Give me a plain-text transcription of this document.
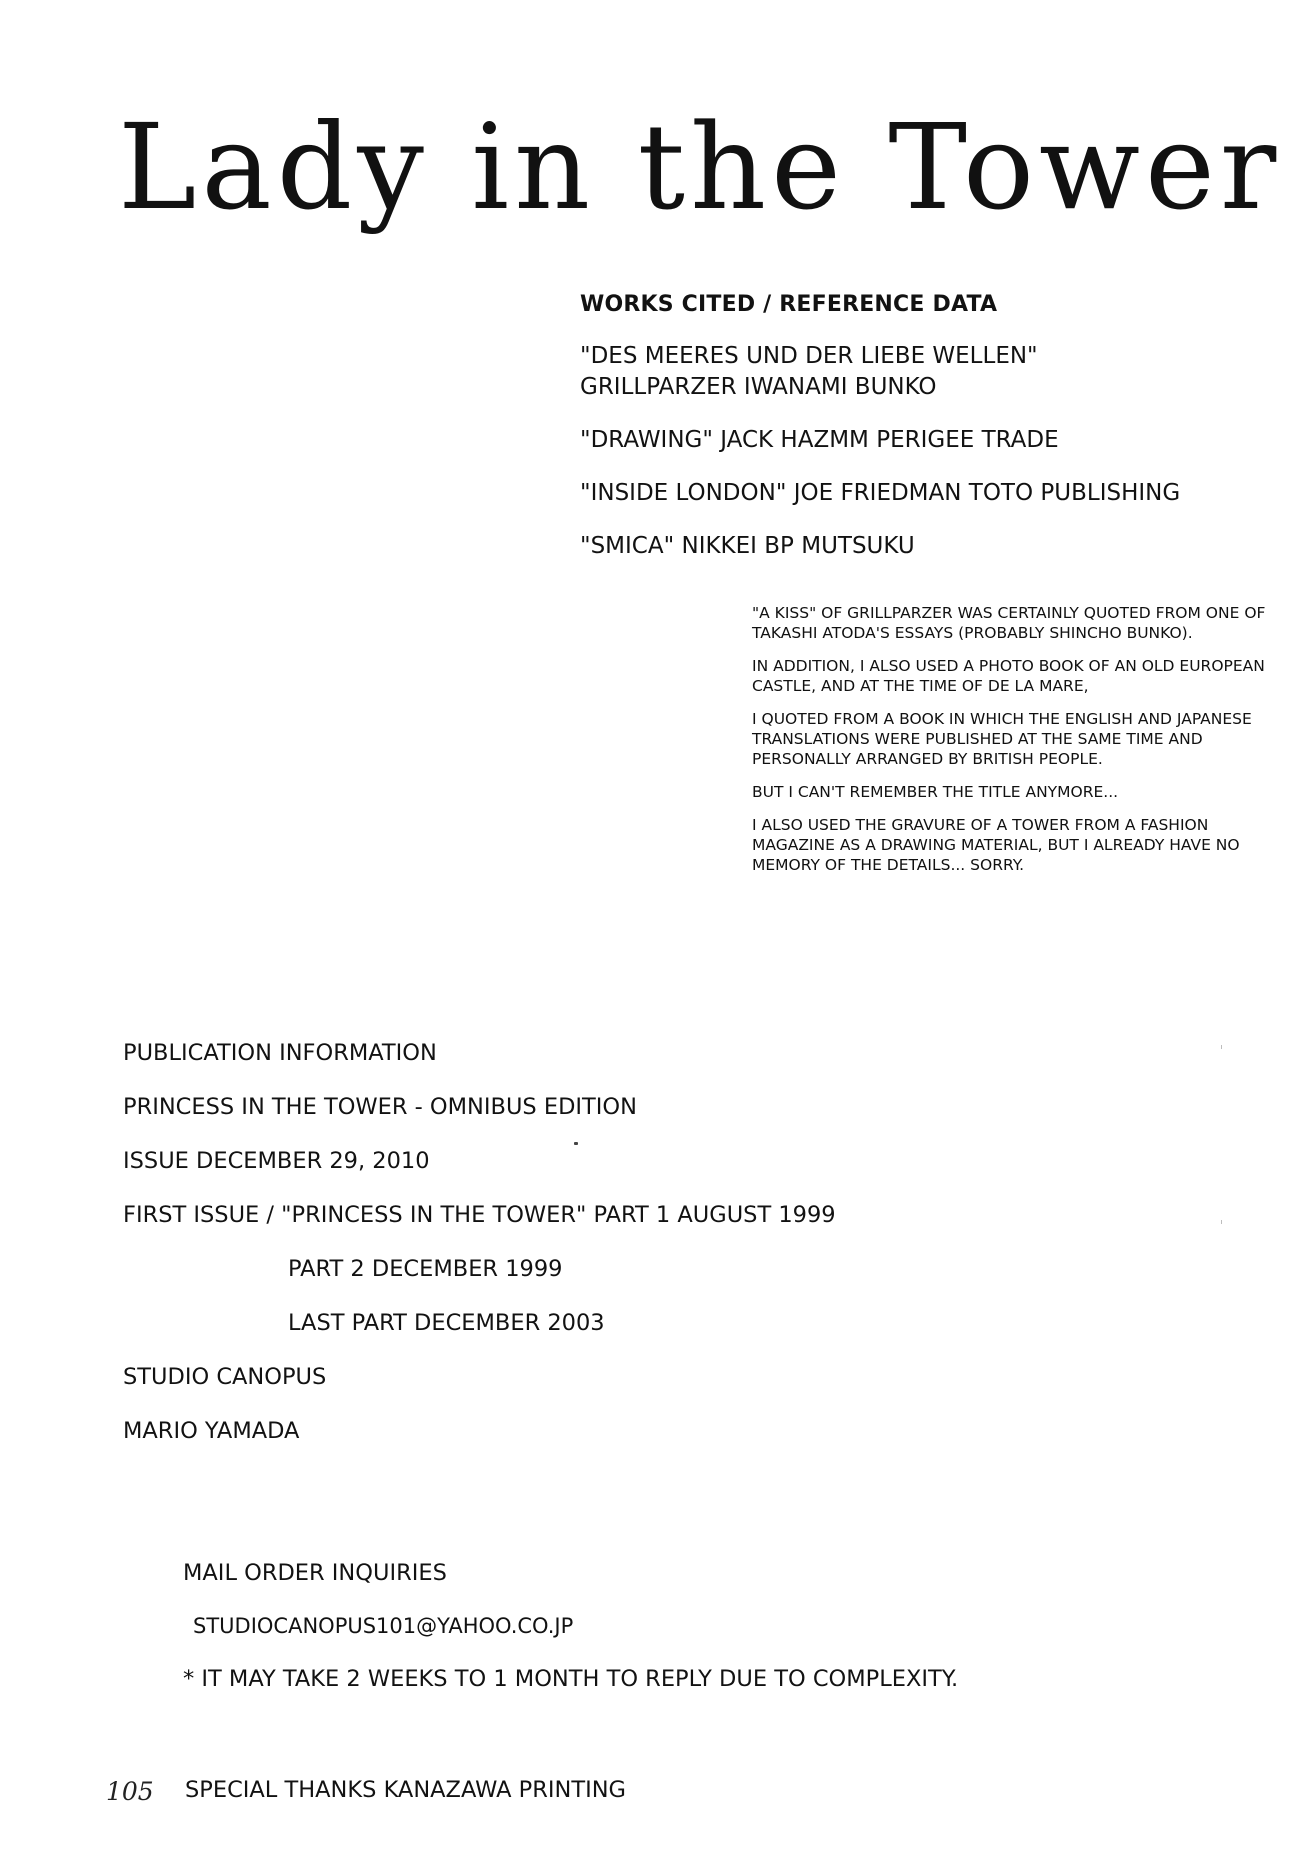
Lady in the Tower
WORKS CITED / REFERENCE DATA
"DES MEERES UND DER LIEBE WELLEN"
GRILLPARZER IWANAMI BUNKO
"DRAWING" JACK HAZMM PERIGEE TRADE
"INSIDE LONDON" JOE FRIEDMAN TOTO PUBLISHING
"SMICA" NIKKEI BP MUTSUKU

"A KISS" OF GRILLPARZER WAS CERTAINLY QUOTED FROM ONE OF TAKASHI ATODA'S ESSAYS (PROBABLY SHINCHO BUNKO).

IN ADDITION, I ALSO USED A PHOTO BOOK OF AN OLD EUROPEAN CASTLE, AND AT THE TIME OF DE LA MARE,

I QUOTED FROM A BOOK IN WHICH THE ENGLISH AND JAPANESE TRANSLATIONS WERE PUBLISHED AT THE SAME TIME AND PERSONALLY ARRANGED BY BRITISH PEOPLE.

BUT I CAN'T REMEMBER THE TITLE ANYMORE...

I ALSO USED THE GRAVURE OF A TOWER FROM A FASHION MAGAZINE AS A DRAWING MATERIAL, BUT I ALREADY HAVE NO MEMORY OF THE DETAILS... SORRY.

PUBLICATION INFORMATION
PRINCESS IN THE TOWER - OMNIBUS EDITION
ISSUE DECEMBER 29, 2010
FIRST ISSUE / "PRINCESS IN THE TOWER" PART 1 AUGUST 1999
PART 2 DECEMBER 1999
LAST PART DECEMBER 2003
STUDIO CANOPUS
MARIO YAMADA
MAIL ORDER INQUIRIES
STUDIOCANOPUS101@YAHOO.CO.JP
* IT MAY TAKE 2 WEEKS TO 1 MONTH TO REPLY DUE TO COMPLEXITY.
105 SPECIAL THANKS KANAZAWA PRINTING
